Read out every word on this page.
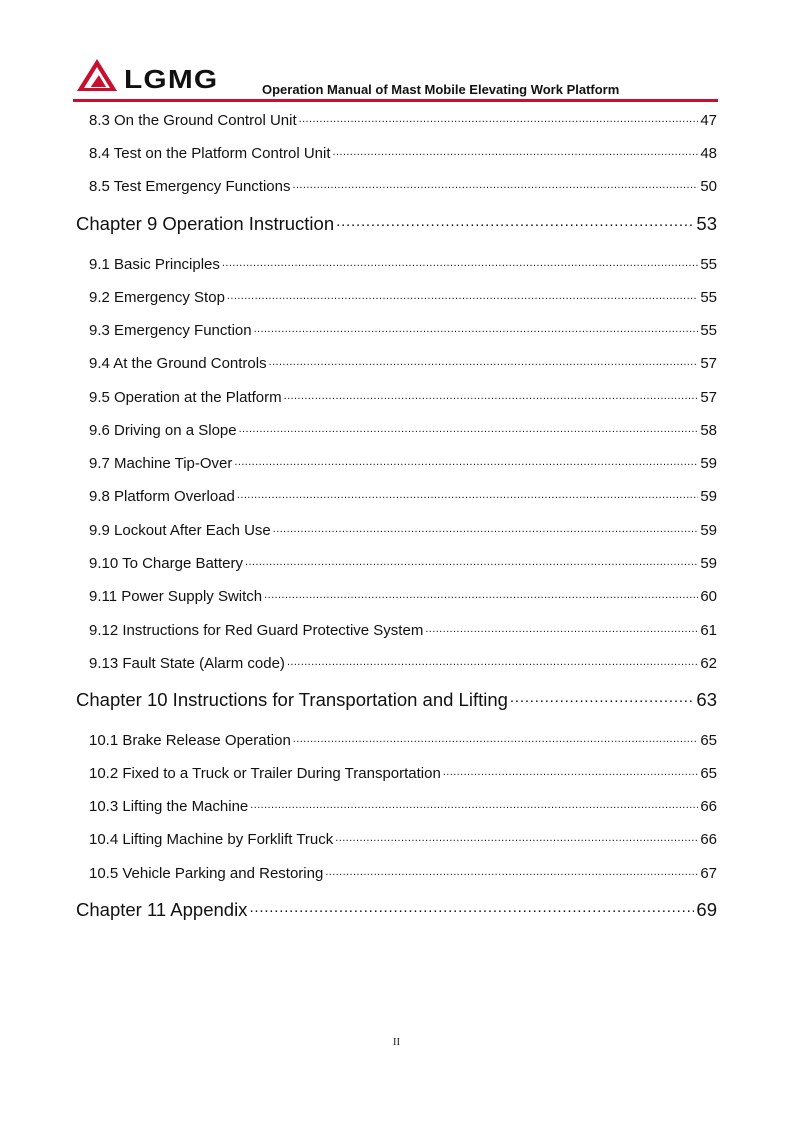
LGMG	Operation Manual of Mast Mobile Elevating Work Platform
8.3 On the Ground Control Unit .....	47
8.4 Test on the Platform Control Unit .....	48
8.5 Test Emergency Functions .....	50
Chapter 9 Operation Instruction .....	53
9.1 Basic Principles .....	55
9.2 Emergency Stop .....	55
9.3 Emergency Function .....	55
9.4 At the Ground Controls .....	57
9.5 Operation at the Platform .....	57
9.6 Driving on a Slope .....	58
9.7 Machine Tip-Over .....	59
9.8 Platform Overload .....	59
9.9 Lockout After Each Use .....	59
9.10 To Charge Battery .....	59
9.11 Power Supply Switch .....	60
9.12 Instructions for Red Guard Protective System .....	61
9.13 Fault State (Alarm code) .....	62
Chapter 10 Instructions for Transportation and Lifting .....	63
10.1 Brake Release Operation .....	65
10.2 Fixed to a Truck or Trailer During Transportation .....	65
10.3 Lifting the Machine .....	66
10.4 Lifting Machine by Forklift Truck .....	66
10.5 Vehicle Parking and Restoring .....	67
Chapter 11 Appendix .....	69
II
